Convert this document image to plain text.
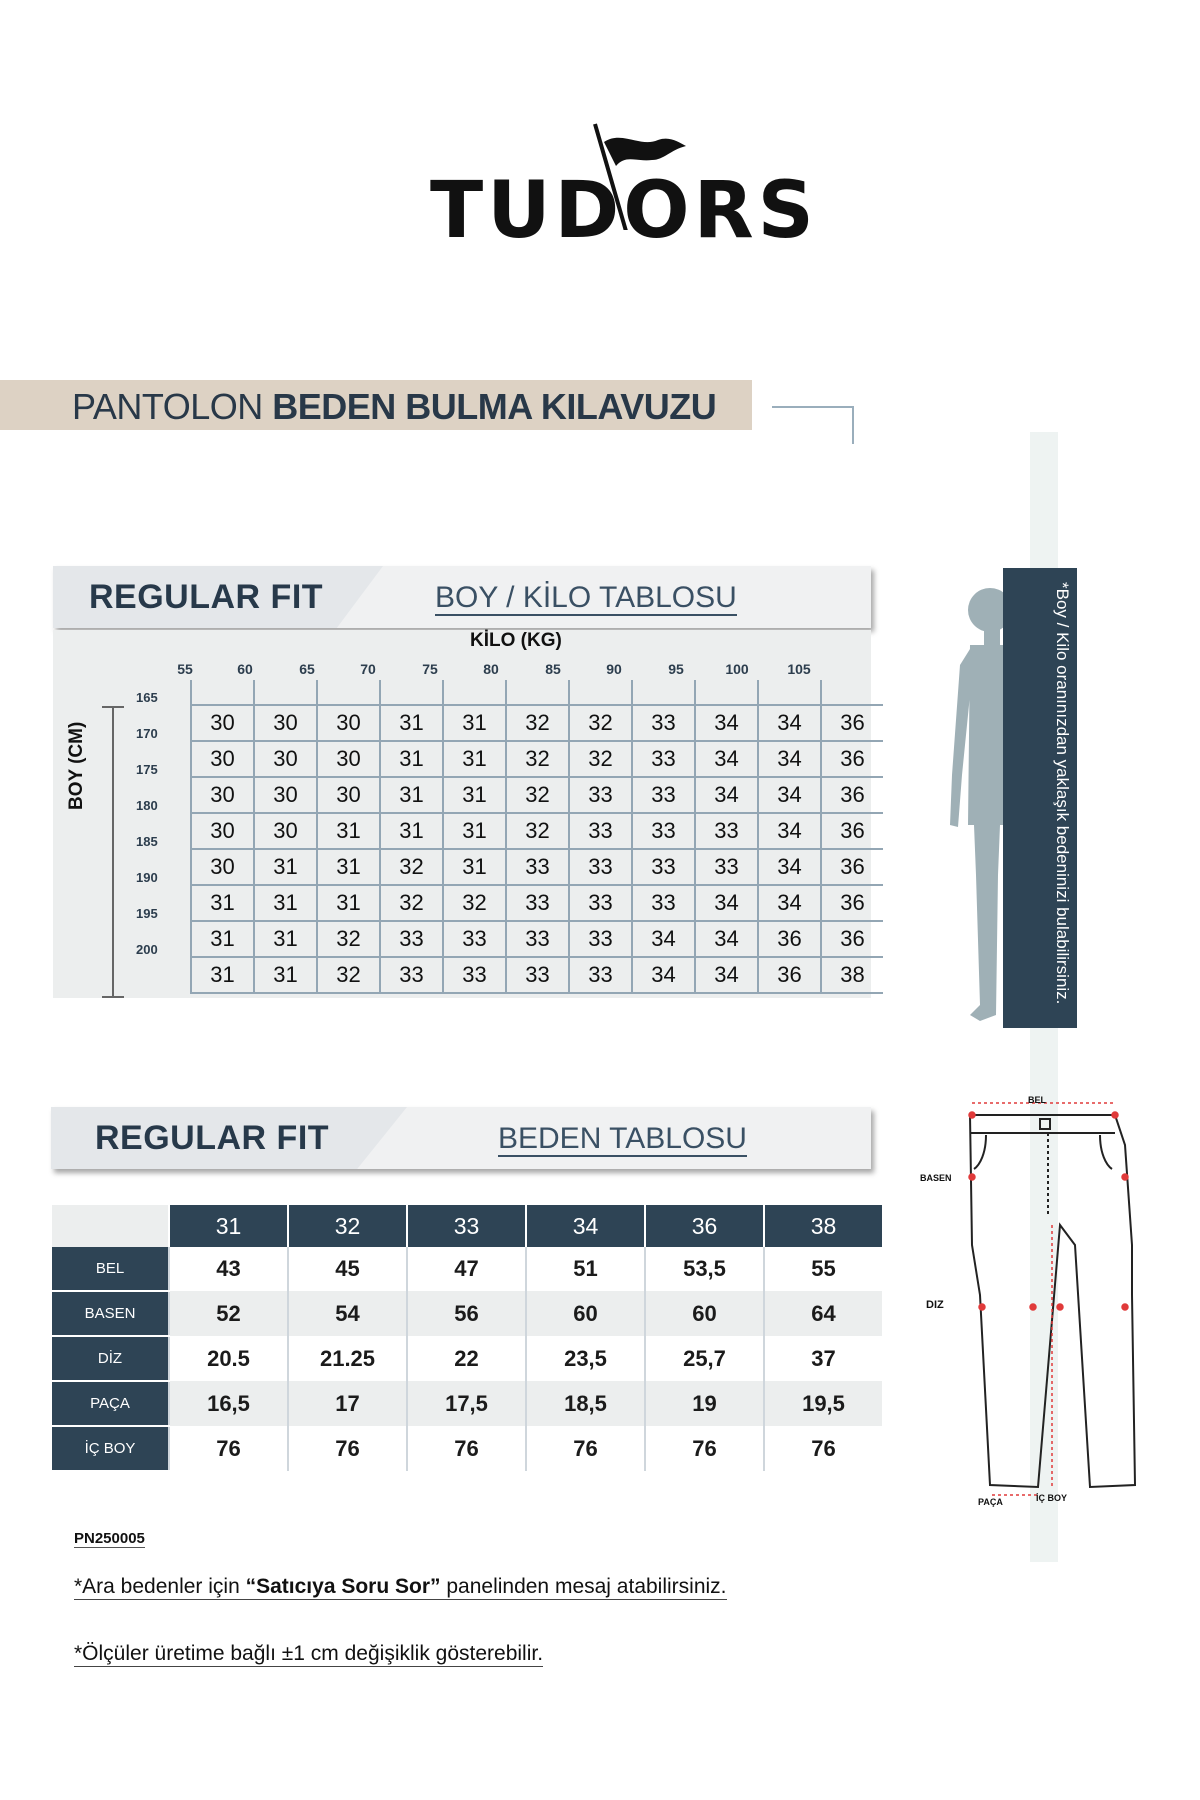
TUDORS
PANTOLON BEDEN BULMA KILAVUZU
REGULAR FIT	BOY / KİLO TABLOSU
KİLO (KG)
55	60	65	70	75	80	85	90	95	100	105
BOY (CM)
165
170
175
180
185
190
195
200

30	30	30	31	31	32	32	33	34	34	36
30	30	30	31	31	32	32	33	34	34	36
30	30	30	31	31	32	33	33	34	34	36
30	30	31	31	31	32	33	33	33	34	36
30	31	31	32	31	33	33	33	33	34	36
31	31	31	32	32	33	33	33	34	34	36
31	31	32	33	33	33	33	34	34	36	36
31	31	32	33	33	33	33	34	34	36	38	*Boy / Kilo oranınızdan yaklaşık bedeninizi bulabilirsiniz.
REGULAR FIT	BEDEN TABLOSU
	31	32	33	34	36	38
BEL	43	45	47	51	53,5	55
BASEN	52	54	56	60	60	64
DİZ	20.5	21.25	22	23,5	25,7	37
PAÇA	16,5	17	17,5	18,5	19	19,5
İÇ BOY	76	76	76	76	76	76
BEL
BASEN
DIZ
PAÇA	İÇ BOY
PN250005
*Ara bedenler için “Satıcıya Soru Sor” panelinden mesaj atabilirsiniz.
*Ölçüler üretime bağlı ±1 cm değişiklik gösterebilir.
